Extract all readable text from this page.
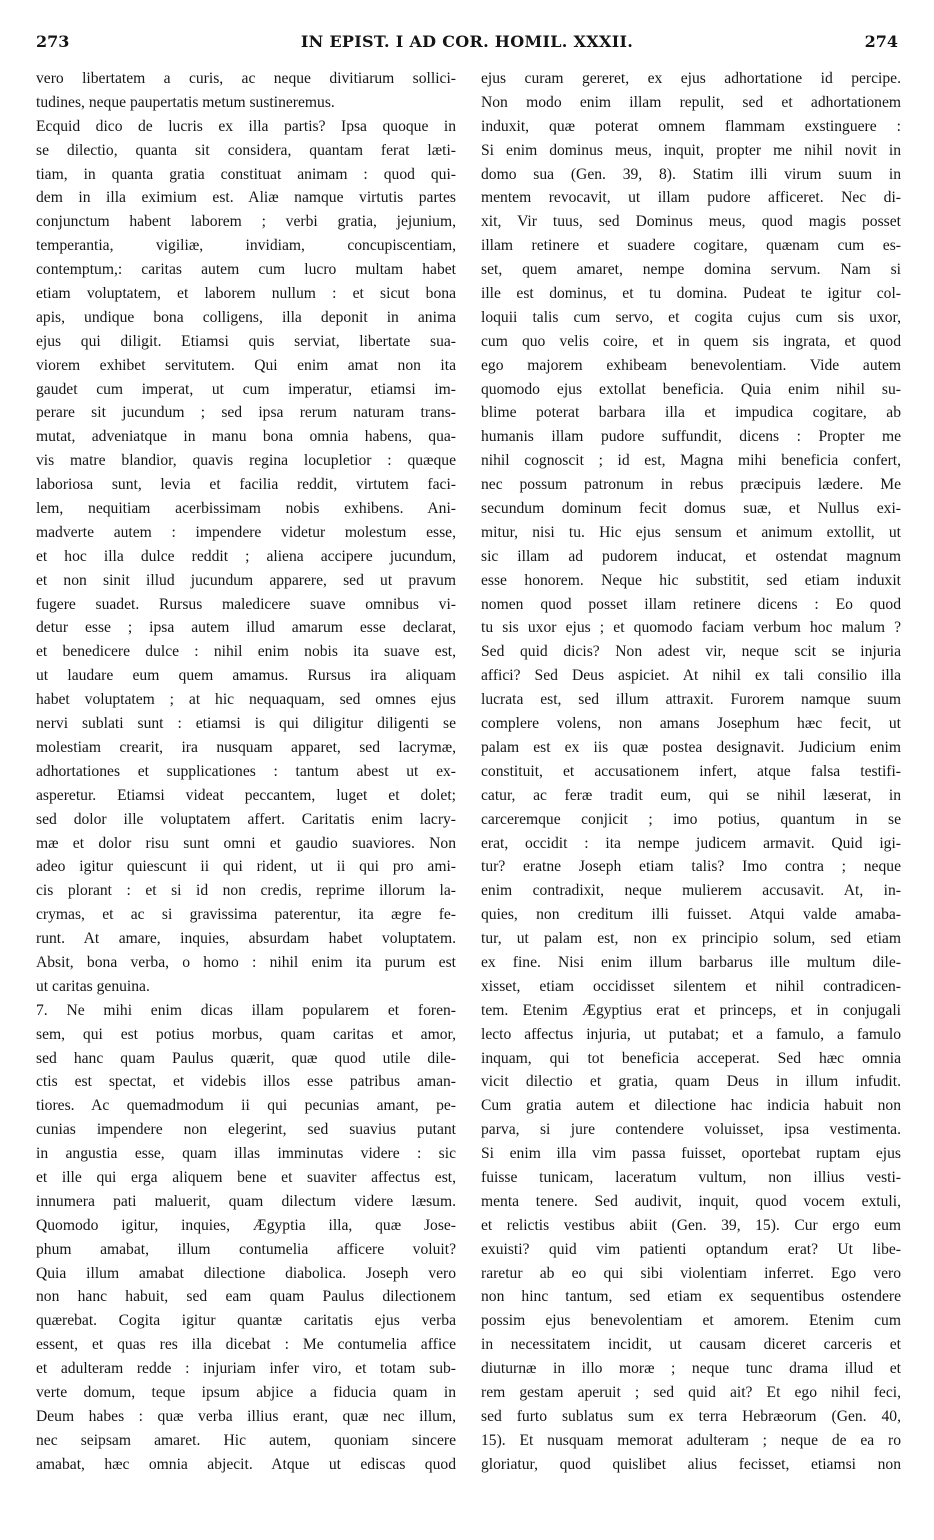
273	IN EPIST. I AD COR. HOMIL. XXXII.	274
vero libertatem a curis, ac neque divitiarum sollici-
tudines, neque paupertatis metum sustineremus.
Ecquid dico de lucris ex illa partis? Ipsa quoque in
se dilectio, quanta sit considera, quantam ferat læti-
tiam, in quanta gratia constituat animam : quod qui-
dem in illa eximium est. Aliæ namque virtutis partes
conjunctum habent laborem ; verbi gratia, jejunium,
temperantia, vigiliæ, invidiam, concupiscentiam,
contemptum,: caritas autem cum lucro multam habet
etiam voluptatem, et laborem nullum : et sicut bona
apis, undique bona colligens, illa deponit in anima
ejus qui diligit. Etiamsi quis serviat, libertate sua-
viorem exhibet servitutem. Qui enim amat non ita
gaudet cum imperat, ut cum imperatur, etiamsi im-
perare sit jucundum ; sed ipsa rerum naturam trans-
mutat, adveniatque in manu bona omnia habens, qua-
vis matre blandior, quavis regina locupletior : quæque
laboriosa sunt, levia et facilia reddit, virtutem faci-
lem, nequitiam acerbissimam nobis exhibens. Ani-
madverte autem : impendere videtur molestum esse,
et hoc illa dulce reddit ; aliena accipere jucundum,
et non sinit illud jucundum apparere, sed ut pravum
fugere suadet. Rursus maledicere suave omnibus vi-
detur esse ; ipsa autem illud amarum esse declarat,
et benedicere dulce : nihil enim nobis ita suave est,
ut laudare eum quem amamus. Rursus ira aliquam
habet voluptatem ; at hic nequaquam, sed omnes ejus
nervi sublati sunt : etiamsi is qui diligitur diligenti se
molestiam crearit, ira nusquam apparet, sed lacrymæ,
adhortationes et supplicationes : tantum abest ut ex-
asperetur. Etiamsi videat peccantem, luget et dolet;
sed dolor ille voluptatem affert. Caritatis enim lacry-
mæ et dolor risu sunt omni et gaudio suaviores. Non
adeo igitur quiescunt ii qui rident, ut ii qui pro ami-
cis plorant : et si id non credis, reprime illorum la-
crymas, et ac si gravissima paterentur, ita ægre fe-
runt. At amare, inquies, absurdam habet voluptatem.
Absit, bona verba, o homo : nihil enim ita purum est
ut caritas genuina.
7. Ne mihi enim dicas illam popularem et foren-
sem, qui est potius morbus, quam caritas et amor,
sed hanc quam Paulus quærit, quæ quod utile dile-
ctis est spectat, et videbis illos esse patribus aman-
tiores. Ac quemadmodum ii qui pecunias amant, pe-
cunias impendere non elegerint, sed suavius putant
in angustia esse, quam illas imminutas videre : sic
et ille qui erga aliquem bene et suaviter affectus est,
innumera pati maluerit, quam dilectum videre læsum.
Quomodo igitur, inquies, Ægyptia illa, quæ Jose-
phum amabat, illum contumelia afficere voluit?
Quia illum amabat dilectione diabolica. Joseph vero
non hanc habuit, sed eam quam Paulus dilectionem
quærebat. Cogita igitur quantæ caritatis ejus verba
essent, et quas res illa dicebat : Me contumelia affice
et adulteram redde : injuriam infer viro, et totam sub-
verte domum, teque ipsum abjice a fiducia quam in
Deum habes : quæ verba illius erant, quæ nec illum,
nec seipsam amaret. Hic autem, quoniam sincere
amabat, hæc omnia abjecit. Atque ut ediscas quod
ejus curam gereret, ex ejus adhortatione id percipe.
Non modo enim illam repulit, sed et adhortationem
induxit, quæ poterat omnem flammam exstinguere :
Si enim dominus meus, inquit, propter me nihil novit in
domo sua (Gen. 39, 8). Statim illi virum suum in
mentem revocavit, ut illam pudore afficeret. Nec di-
xit, Vir tuus, sed Dominus meus, quod magis posset
illam retinere et suadere cogitare, quænam cum es-
set, quem amaret, nempe domina servum. Nam si
ille est dominus, et tu domina. Pudeat te igitur col-
loquii talis cum servo, et cogita cujus cum sis uxor,
cum quo velis coire, et in quem sis ingrata, et quod
ego majorem exhibeam benevolentiam. Vide autem
quomodo ejus extollat beneficia. Quia enim nihil su-
blime poterat barbara illa et impudica cogitare, ab
humanis illam pudore suffundit, dicens : Propter me
nihil cognoscit ; id est, Magna mihi beneficia confert,
nec possum patronum in rebus præcipuis lædere. Me
secundum dominum fecit domus suæ, et Nullus exi-
mitur, nisi tu. Hic ejus sensum et animum extollit, ut
sic illam ad pudorem inducat, et ostendat magnum
esse honorem. Neque hic substitit, sed etiam induxit
nomen quod posset illam retinere dicens : Eo quod
tu sis uxor ejus ; et quomodo faciam verbum hoc malum ?
Sed quid dicis? Non adest vir, neque scit se injuria
affici? Sed Deus aspiciet. At nihil ex tali consilio illa
lucrata est, sed illum attraxit. Furorem namque suum
complere volens, non amans Josephum hæc fecit, ut
palam est ex iis quæ postea designavit. Judicium enim
constituit, et accusationem infert, atque falsa testifi-
catur, ac feræ tradit eum, qui se nihil læserat, in
carceremque conjicit ; imo potius, quantum in se
erat, occidit : ita nempe judicem armavit. Quid igi-
tur? eratne Joseph etiam talis? Imo contra ; neque
enim contradixit, neque mulierem accusavit. At, in-
quies, non creditum illi fuisset. Atqui valde amaba-
tur, ut palam est, non ex principio solum, sed etiam
ex fine. Nisi enim illum barbarus ille multum dile-
xisset, etiam occidisset silentem et nihil contradicen-
tem. Etenim Ægyptius erat et princeps, et in conjugali
lecto affectus injuria, ut putabat; et a famulo, a famulo
inquam, qui tot beneficia acceperat. Sed hæc omnia
vicit dilectio et gratia, quam Deus in illum infudit.
Cum gratia autem et dilectione hac indicia habuit non
parva, si jure contendere voluisset, ipsa vestimenta.
Si enim illa vim passa fuisset, oportebat ruptam ejus
fuisse tunicam, laceratum vultum, non illius vesti-
menta tenere. Sed audivit, inquit, quod vocem extuli,
et relictis vestibus abiit (Gen. 39, 15). Cur ergo eum
exuisti? quid vim patienti optandum erat? Ut libe-
raretur ab eo qui sibi violentiam inferret. Ego vero
non hinc tantum, sed etiam ex sequentibus ostendere
possim ejus benevolentiam et amorem. Etenim cum
in necessitatem incidit, ut causam diceret carceris et
diuturnæ in illo moræ ; neque tunc drama illud et
rem gestam aperuit ; sed quid ait? Et ego nihil feci,
sed furto sublatus sum ex terra Hebræorum (Gen. 40,
15). Et nusquam memorat adulteram ; neque de ea ro
gloriatur, quod quislibet alius fecisset, etiamsi non
